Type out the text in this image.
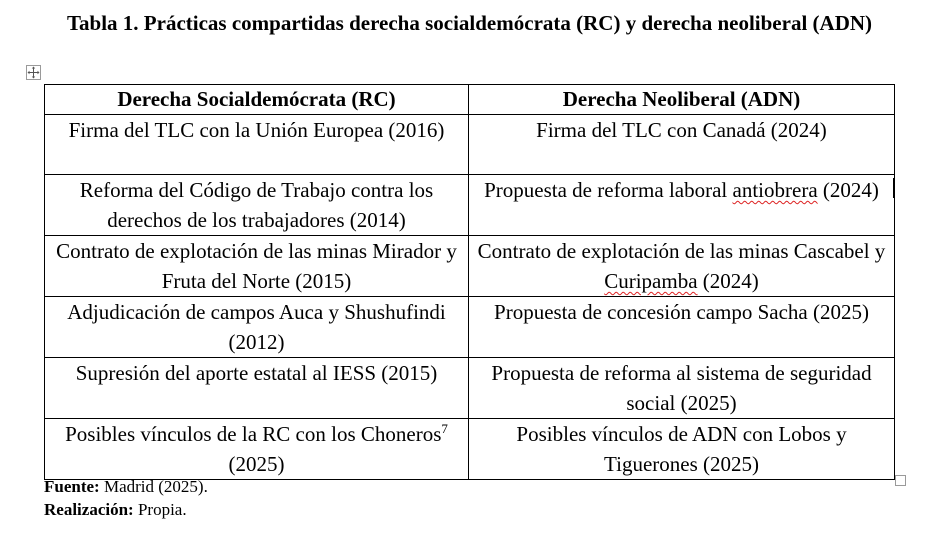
Tabla 1. Prácticas compartidas derecha socialdemócrata (RC) y derecha neoliberal (ADN)
Derecha Socialdemócrata (RC)	Derecha Neoliberal (ADN)
Firma del TLC con la Unión Europea (2016)	Firma del TLC con Canadá (2024)
Reforma del Código de Trabajo contra los derechos de los trabajadores (2014)	Propuesta de reforma laboral antiobrera (2024)
Contrato de explotación de las minas Mirador y Fruta del Norte (2015)	Contrato de explotación de las minas Cascabel y Curipamba (2024)
Adjudicación de campos Auca y Shushufindi (2012)	Propuesta de concesión campo Sacha (2025)
Supresión del aporte estatal al IESS (2015)	Propuesta de reforma al sistema de seguridad social (2025)
Posibles vínculos de la RC con los Choneros$^7$ (2025)	Posibles vínculos de ADN con Lobos y Tiguerones (2025)
Fuente: Madrid (2025).
Realización: Propia.
